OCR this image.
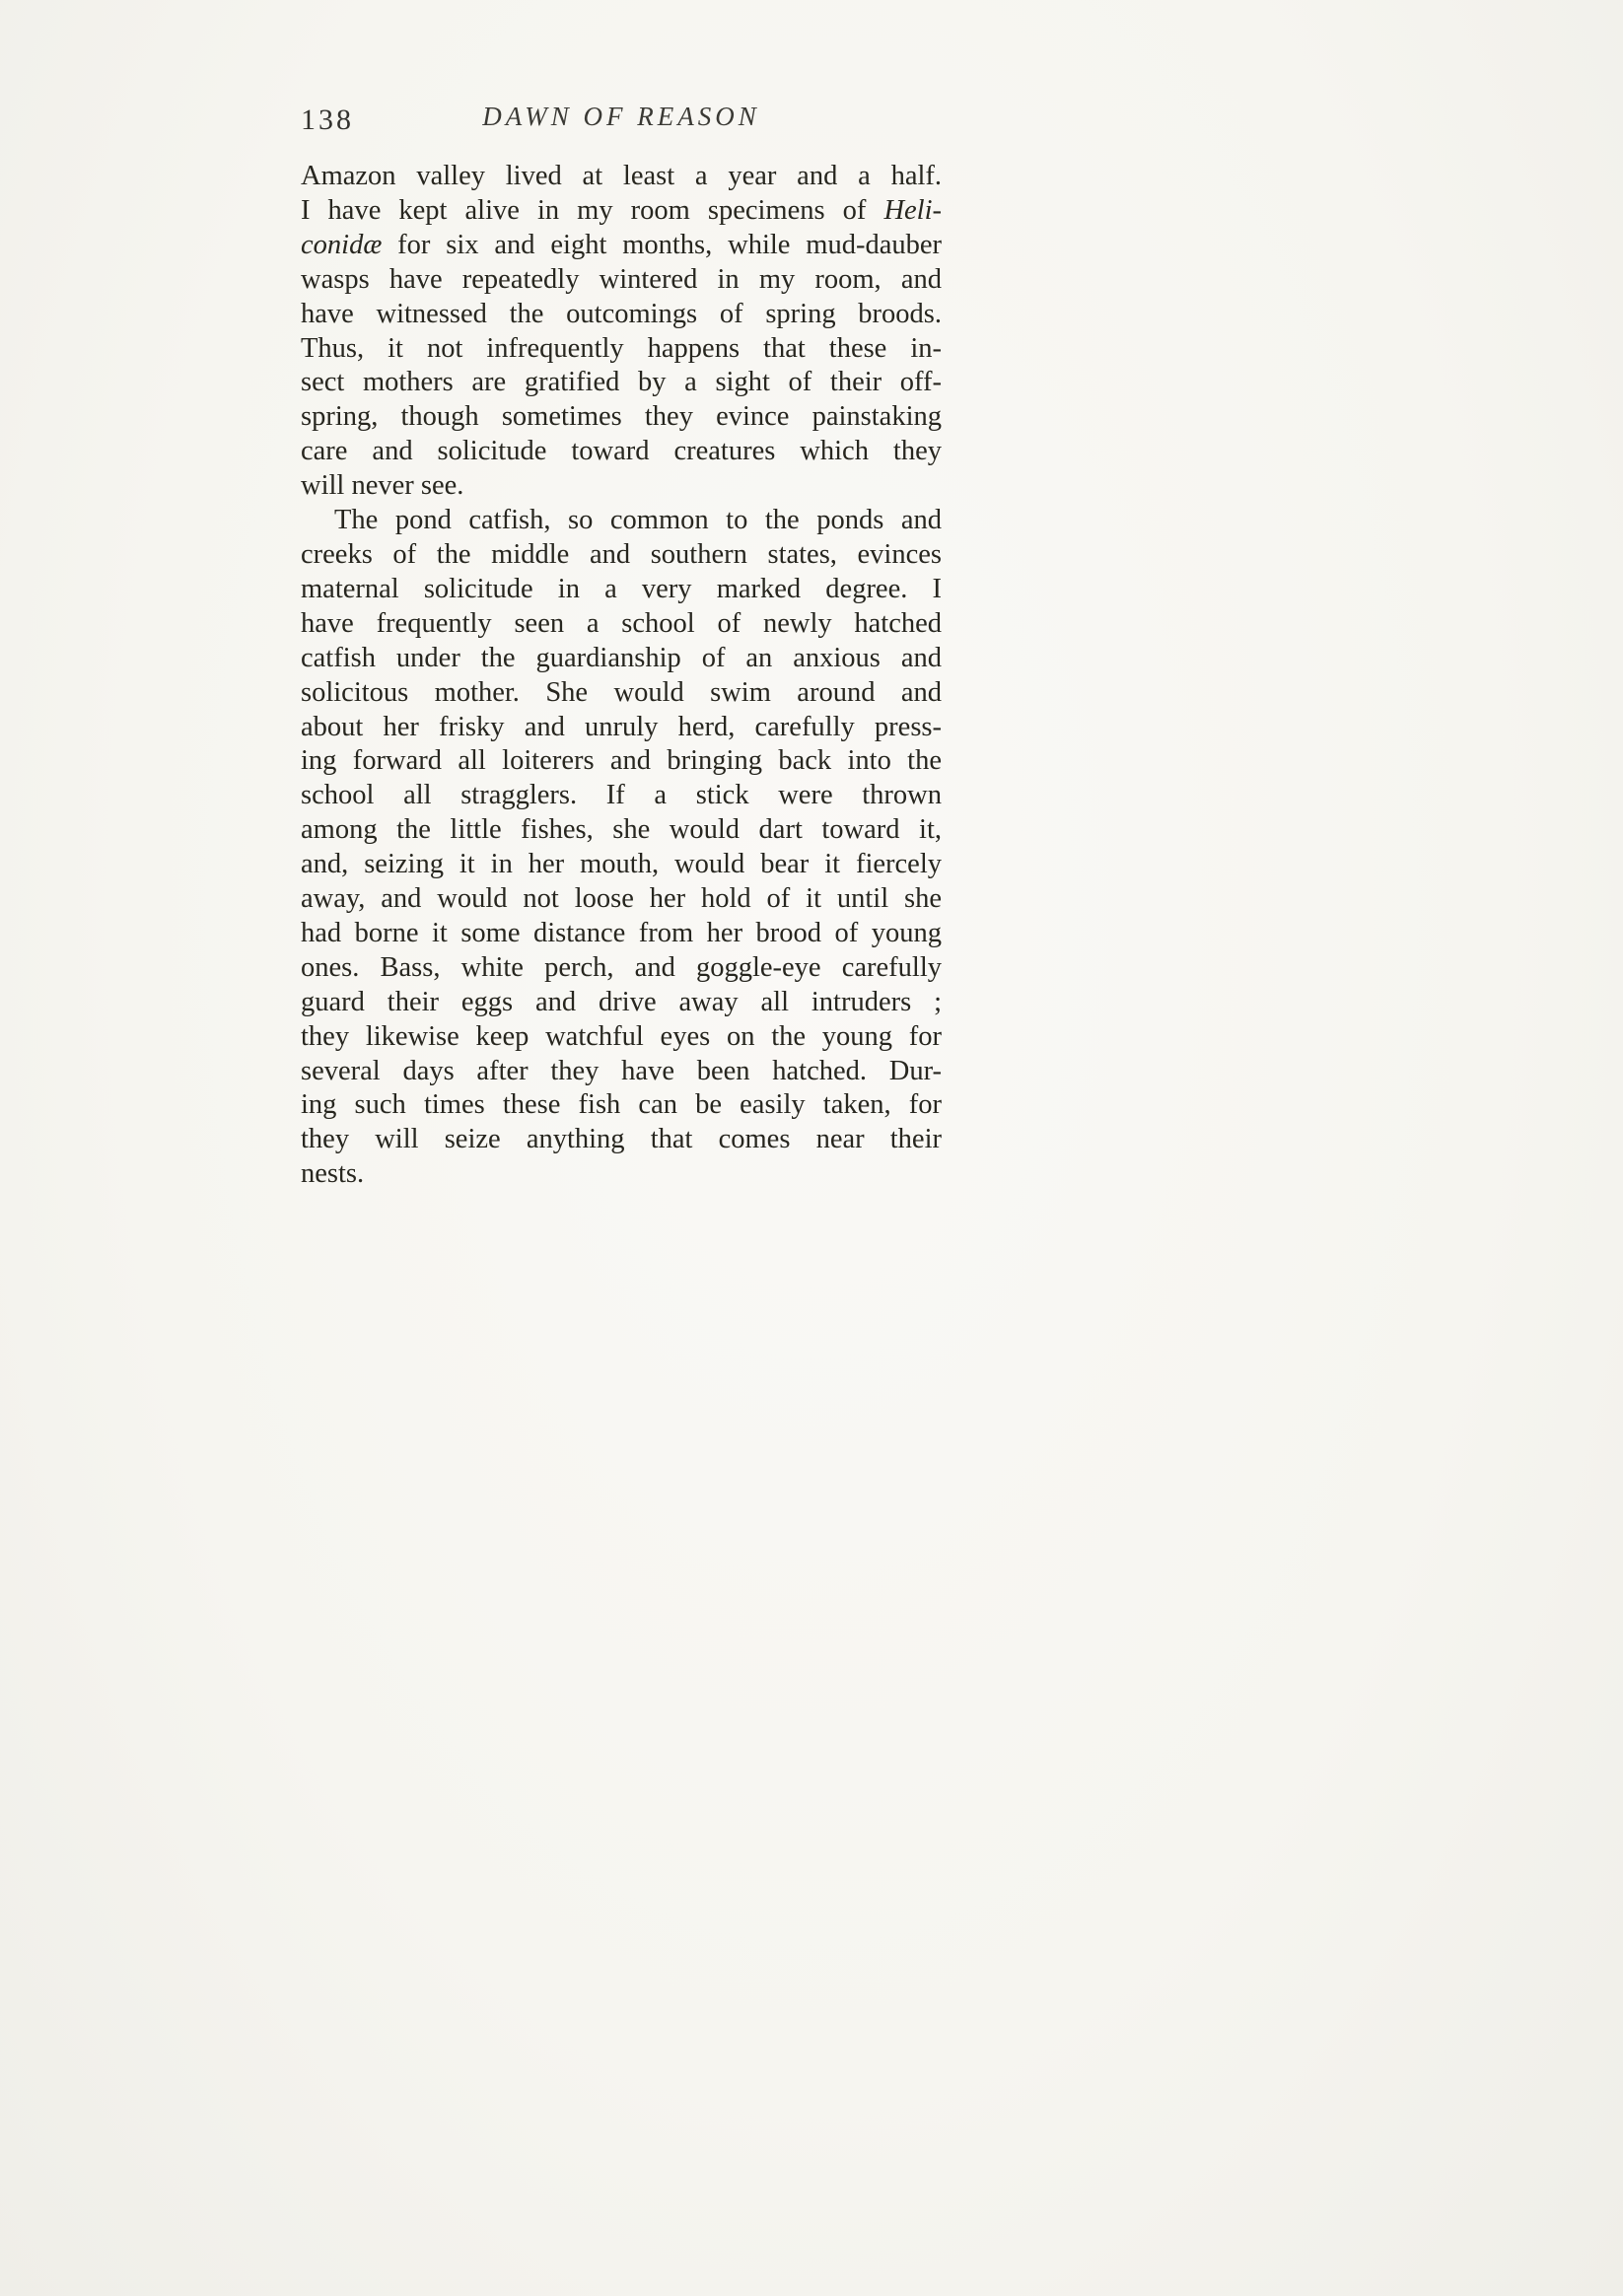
138	DAWN OF REASON
Amazon valley lived at least a year and a half.
I have kept alive in my room specimens of Heli-
conidæ for six and eight months, while mud-dauber
wasps have repeatedly wintered in my room, and
have witnessed the outcomings of spring broods.
Thus, it not infrequently happens that these in-
sect mothers are gratified by a sight of their off-
spring, though sometimes they evince painstaking
care and solicitude toward creatures which they
will never see.
The pond catfish, so common to the ponds and
creeks of the middle and southern states, evinces
maternal solicitude in a very marked degree. I
have frequently seen a school of newly hatched
catfish under the guardianship of an anxious and
solicitous mother. She would swim around and
about her frisky and unruly herd, carefully press-
ing forward all loiterers and bringing back into the
school all stragglers. If a stick were thrown
among the little fishes, she would dart toward it,
and, seizing it in her mouth, would bear it fiercely
away, and would not loose her hold of it until she
had borne it some distance from her brood of young
ones. Bass, white perch, and goggle-eye carefully
guard their eggs and drive away all intruders ;
they likewise keep watchful eyes on the young for
several days after they have been hatched. Dur-
ing such times these fish can be easily taken, for
they will seize anything that comes near their
nests.
